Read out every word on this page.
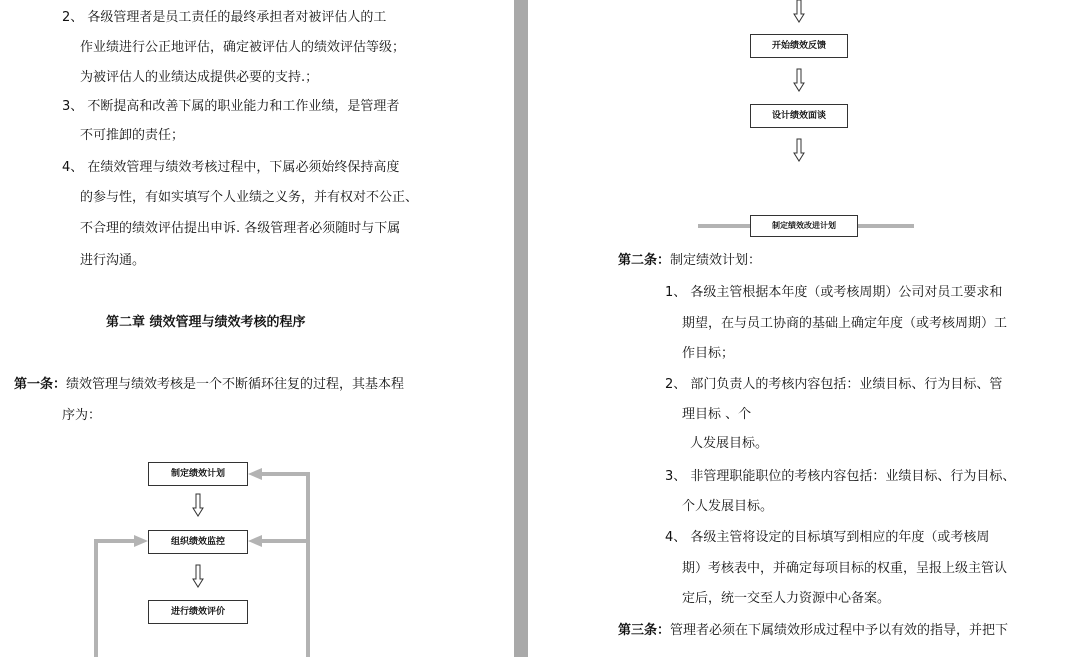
2、 各级管理者是员工责任的最终承担者对被评估人的工
作业绩进行公正地评估，确定被评估人的绩效评估等级；
为被评估人的业绩达成提供必要的支持.；
3、 不断提高和改善下属的职业能力和工作业绩，是管理者
不可推卸的责任；
4、 在绩效管理与绩效考核过程中，下属必须始终保持高度
的参与性，有如实填写个人业绩之义务，并有权对不公正、
不合理的绩效评估提出申诉. 各级管理者必须随时与下属
进行沟通。
第二章 绩效管理与绩效考核的程序
第一条：绩效管理与绩效考核是一个不断循环往复的过程，其基本程
序为：
制定绩效计划
组织绩效监控
进行绩效评价
开始绩效反馈
设计绩效面谈
制定绩效改进计划
第二条：制定绩效计划：
1、 各级主管根据本年度（或考核周期）公司对员工要求和
期望，在与员工协商的基础上确定年度（或考核周期）工
作目标；
2、 部门负责人的考核内容包括：业绩目标、行为目标、管
理目标 、个
人发展目标。
3、 非管理职能职位的考核内容包括：业绩目标、行为目标、
个人发展目标。
4、 各级主管将设定的目标填写到相应的年度（或考核周
期）考核表中，并确定每项目标的权重，呈报上级主管认
定后，统一交至人力资源中心备案。
第三条：管理者必须在下属绩效形成过程中予以有效的指导，并把下
